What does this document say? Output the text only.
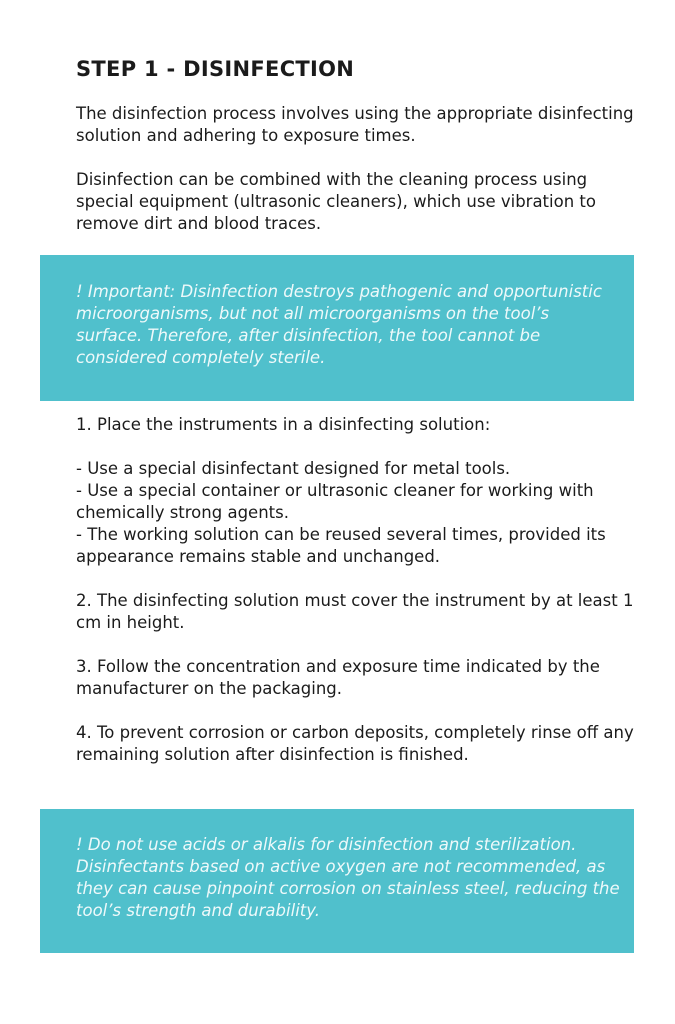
STEP 1 - DISINFECTION

The disinfection process involves using the appropriate disinfecting solution and adhering to exposure times.

Disinfection can be combined with the cleaning process using special equipment (ultrasonic cleaners), which use vibration to remove dirt and blood traces.

! Important: Disinfection destroys pathogenic and opportunistic microorganisms, but not all microorganisms on the tool’s surface. Therefore, after disinfection, the tool cannot be considered completely sterile.

1. Place the instruments in a disinfecting solution:

- Use a special disinfectant designed for metal tools.

- Use a special container or ultrasonic cleaner for working with chemically strong agents.

- The working solution can be reused several times, provided its appearance remains stable and unchanged.

2. The disinfecting solution must cover the instrument by at least 1 cm in height.

3. Follow the concentration and exposure time indicated by the manufacturer on the packaging.

4. To prevent corrosion or carbon deposits, completely rinse off any remaining solution after disinfection is finished.

! Do not use acids or alkalis for disinfection and sterilization. Disinfectants based on active oxygen are not recommended, as they can cause pinpoint corrosion on stainless steel, reducing the tool’s strength and durability.
